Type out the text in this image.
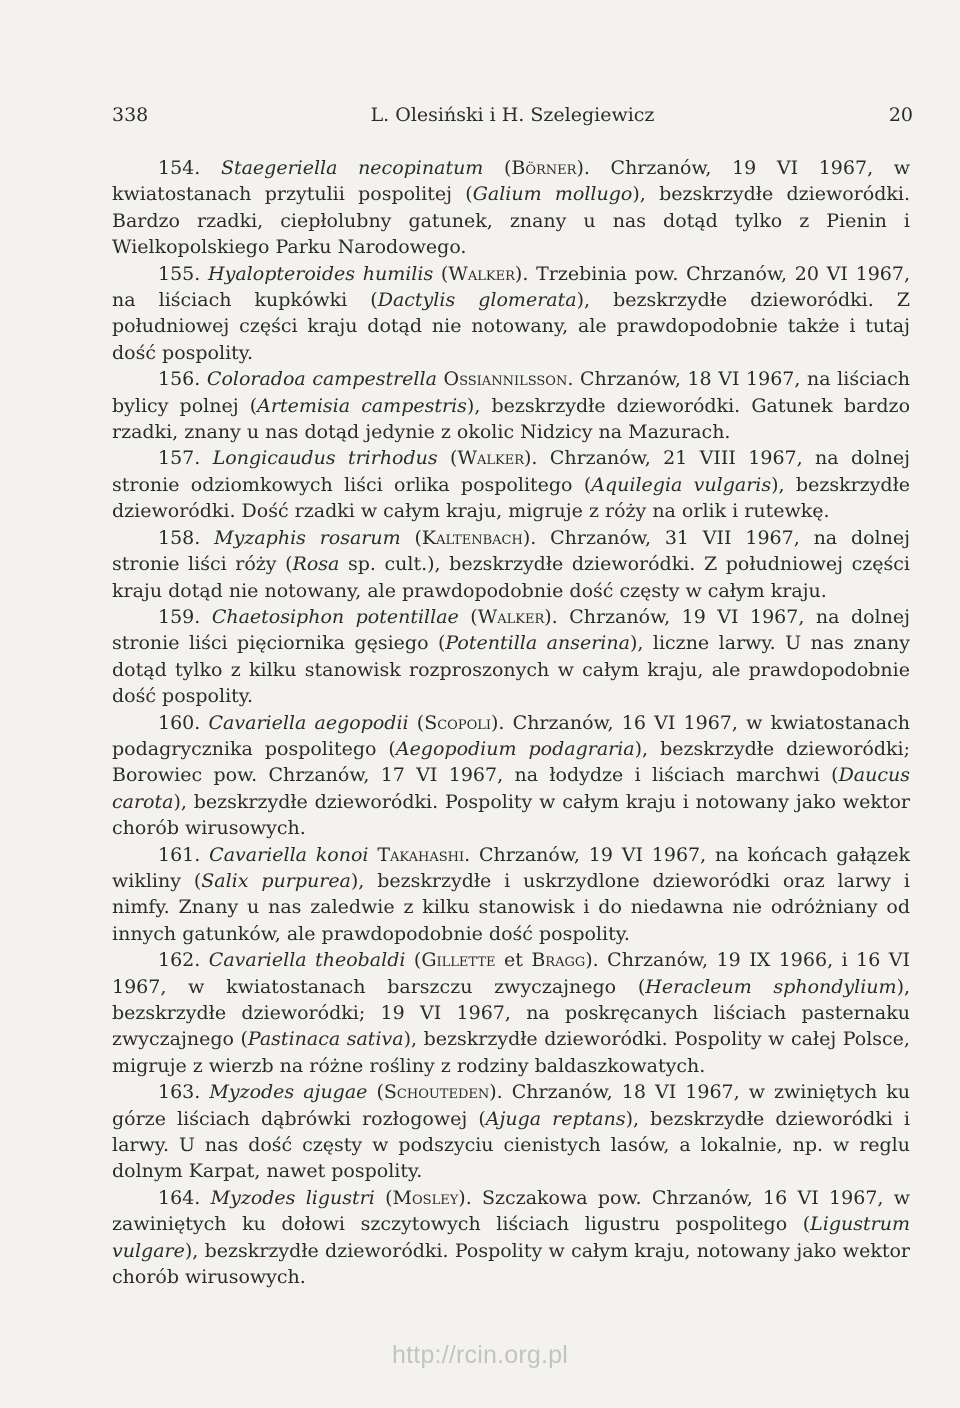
338	L. Olesiński i H. Szelegiewicz	20

154. Staegeriella necopinatum (Börner). Chrzanów, 19 VI 1967, w kwiatostanach przytulii pospolitej (Galium mollugo), bezskrzydłe dzieworódki. Bardzo rzadki, ciepłolubny gatunek, znany u nas dotąd tylko z Pienin i Wielkopolskiego Parku Narodowego.

155. Hyalopteroides humilis (Walker). Trzebinia pow. Chrzanów, 20 VI 1967, na liściach kupkówki (Dactylis glomerata), bezskrzydłe dzieworódki. Z południowej części kraju dotąd nie notowany, ale prawdopodobnie także i tutaj dość pospolity.

156. Coloradoa campestrella Ossiannilsson. Chrzanów, 18 VI 1967, na liściach bylicy polnej (Artemisia campestris), bezskrzydłe dzieworódki. Gatunek bardzo rzadki, znany u nas dotąd jedynie z okolic Nidzicy na Mazurach.

157. Longicaudus trirhodus (Walker). Chrzanów, 21 VIII 1967, na dolnej stronie odziomkowych liści orlika pospolitego (Aquilegia vulgaris), bezskrzydłe dzieworódki. Dość rzadki w całym kraju, migruje z róży na orlik i rutewkę.

158. Myzaphis rosarum (Kaltenbach). Chrzanów, 31 VII 1967, na dolnej stronie liści róży (Rosa sp. cult.), bezskrzydłe dzieworódki. Z południowej części kraju dotąd nie notowany, ale prawdopodobnie dość częsty w całym kraju.

159. Chaetosiphon potentillae (Walker). Chrzanów, 19 VI 1967, na dolnej stronie liści pięciornika gęsiego (Potentilla anserina), liczne larwy. U nas znany dotąd tylko z kilku stanowisk rozproszonych w całym kraju, ale prawdopodobnie dość pospolity.

160. Cavariella aegopodii (Scopoli). Chrzanów, 16 VI 1967, w kwiatostanach podagrycznika pospolitego (Aegopodium podagraria), bezskrzydłe dzieworódki; Borowiec pow. Chrzanów, 17 VI 1967, na łodydze i liściach marchwi (Daucus carota), bezskrzydłe dzieworódki. Pospolity w całym kraju i notowany jako wektor chorób wirusowych.

161. Cavariella konoi Takahashi. Chrzanów, 19 VI 1967, na końcach gałązek wikliny (Salix purpurea), bezskrzydłe i uskrzydlone dzieworódki oraz larwy i nimfy. Znany u nas zaledwie z kilku stanowisk i do niedawna nie odróżniany od innych gatunków, ale prawdopodobnie dość pospolity.

162. Cavariella theobaldi (Gillette et Bragg). Chrzanów, 19 IX 1966, i 16 VI 1967, w kwiatostanach barszczu zwyczajnego (Heracleum sphondylium), bezskrzydłe dzieworódki; 19 VI 1967, na poskręcanych liściach pasternaku zwyczajnego (Pastinaca sativa), bezskrzydłe dzieworódki. Pospolity w całej Polsce, migruje z wierzb na różne rośliny z rodziny baldaszkowatych.

163. Myzodes ajugae (Schouteden). Chrzanów, 18 VI 1967, w zwiniętych ku górze liściach dąbrówki rozłogowej (Ajuga reptans), bezskrzydłe dzieworódki i larwy. U nas dość częsty w podszyciu cienistych lasów, a lokalnie, np. w reglu dolnym Karpat, nawet pospolity.

164. Myzodes ligustri (Mosley). Szczakowa pow. Chrzanów, 16 VI 1967, w zawiniętych ku dołowi szczytowych liściach ligustru pospolitego (Ligustrum vulgare), bezskrzydłe dzieworódki. Pospolity w całym kraju, notowany jako wektor chorób wirusowych.

http://rcin.org.pl
